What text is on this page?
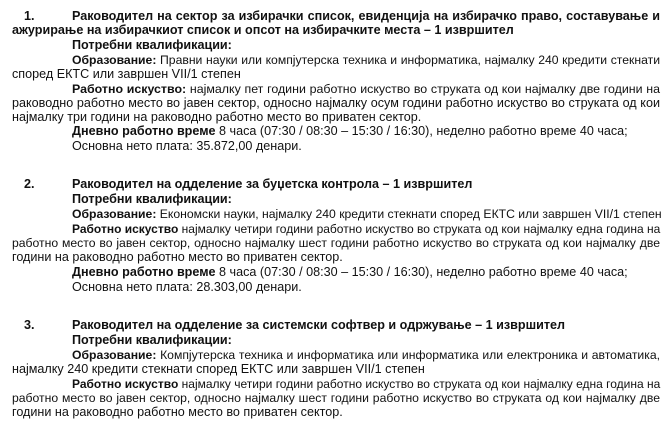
1.	Раководител на сектор за избирачки список, евиденција на избирачко право, составување и
ажурирање на избирачкиот список и опсот на избирачките места – 1 извршител
Потребни квалификации:
Образование: Правни науки или компјутерска техника и информатика, најмалку 240 кредити стекнати
според ЕКТС или завршен VII/1 степен
Работно искуство: најмалку пет години работно искуство во струката од кои најмалку две години на
раководно работно место во јавен сектор, односно најмалку осум години работно искуство во струката од кои
најмалку три години на раководно работно место во приватен сектор.
Дневно работно време 8 часа (07:30 / 08:30 – 15:30 / 16:30), неделно работно време 40 часа;
Основна нето плата: 35.872,00 денари.
2.	Раководител на одделение за буџетска контрола – 1 извршител
Потребни квалификации:
Образование: Економски науки, најмалку 240 кредити стекнати според ЕКТС или завршен VII/1 степен
Работно искуство најмалку четири години работно искуство во струката од кои најмалку една година на
работно место во јавен сектор, односно најмалку шест години работно искуство во струката од кои најмалку две
години на раководно работно место во приватен сектор.
Дневно работно време 8 часа (07:30 / 08:30 – 15:30 / 16:30), неделно работно време 40 часа;
Основна нето плата: 28.303,00 денари.
3.	Раководител на одделение за системски софтвер и одржување – 1 извршител
Потребни квалификации:
Образование: Компјутерска техника и информатика или информатика или електроника и автоматика,
најмалку 240 кредити стекнати според ЕКТС или завршен VII/1 степен
Работно искуство најмалку четири години работно искуство во струката од кои најмалку една година на
работно место во јавен сектор, односно најмалку шест години работно искуство во струката од кои најмалку две
години на раководно работно место во приватен сектор.
